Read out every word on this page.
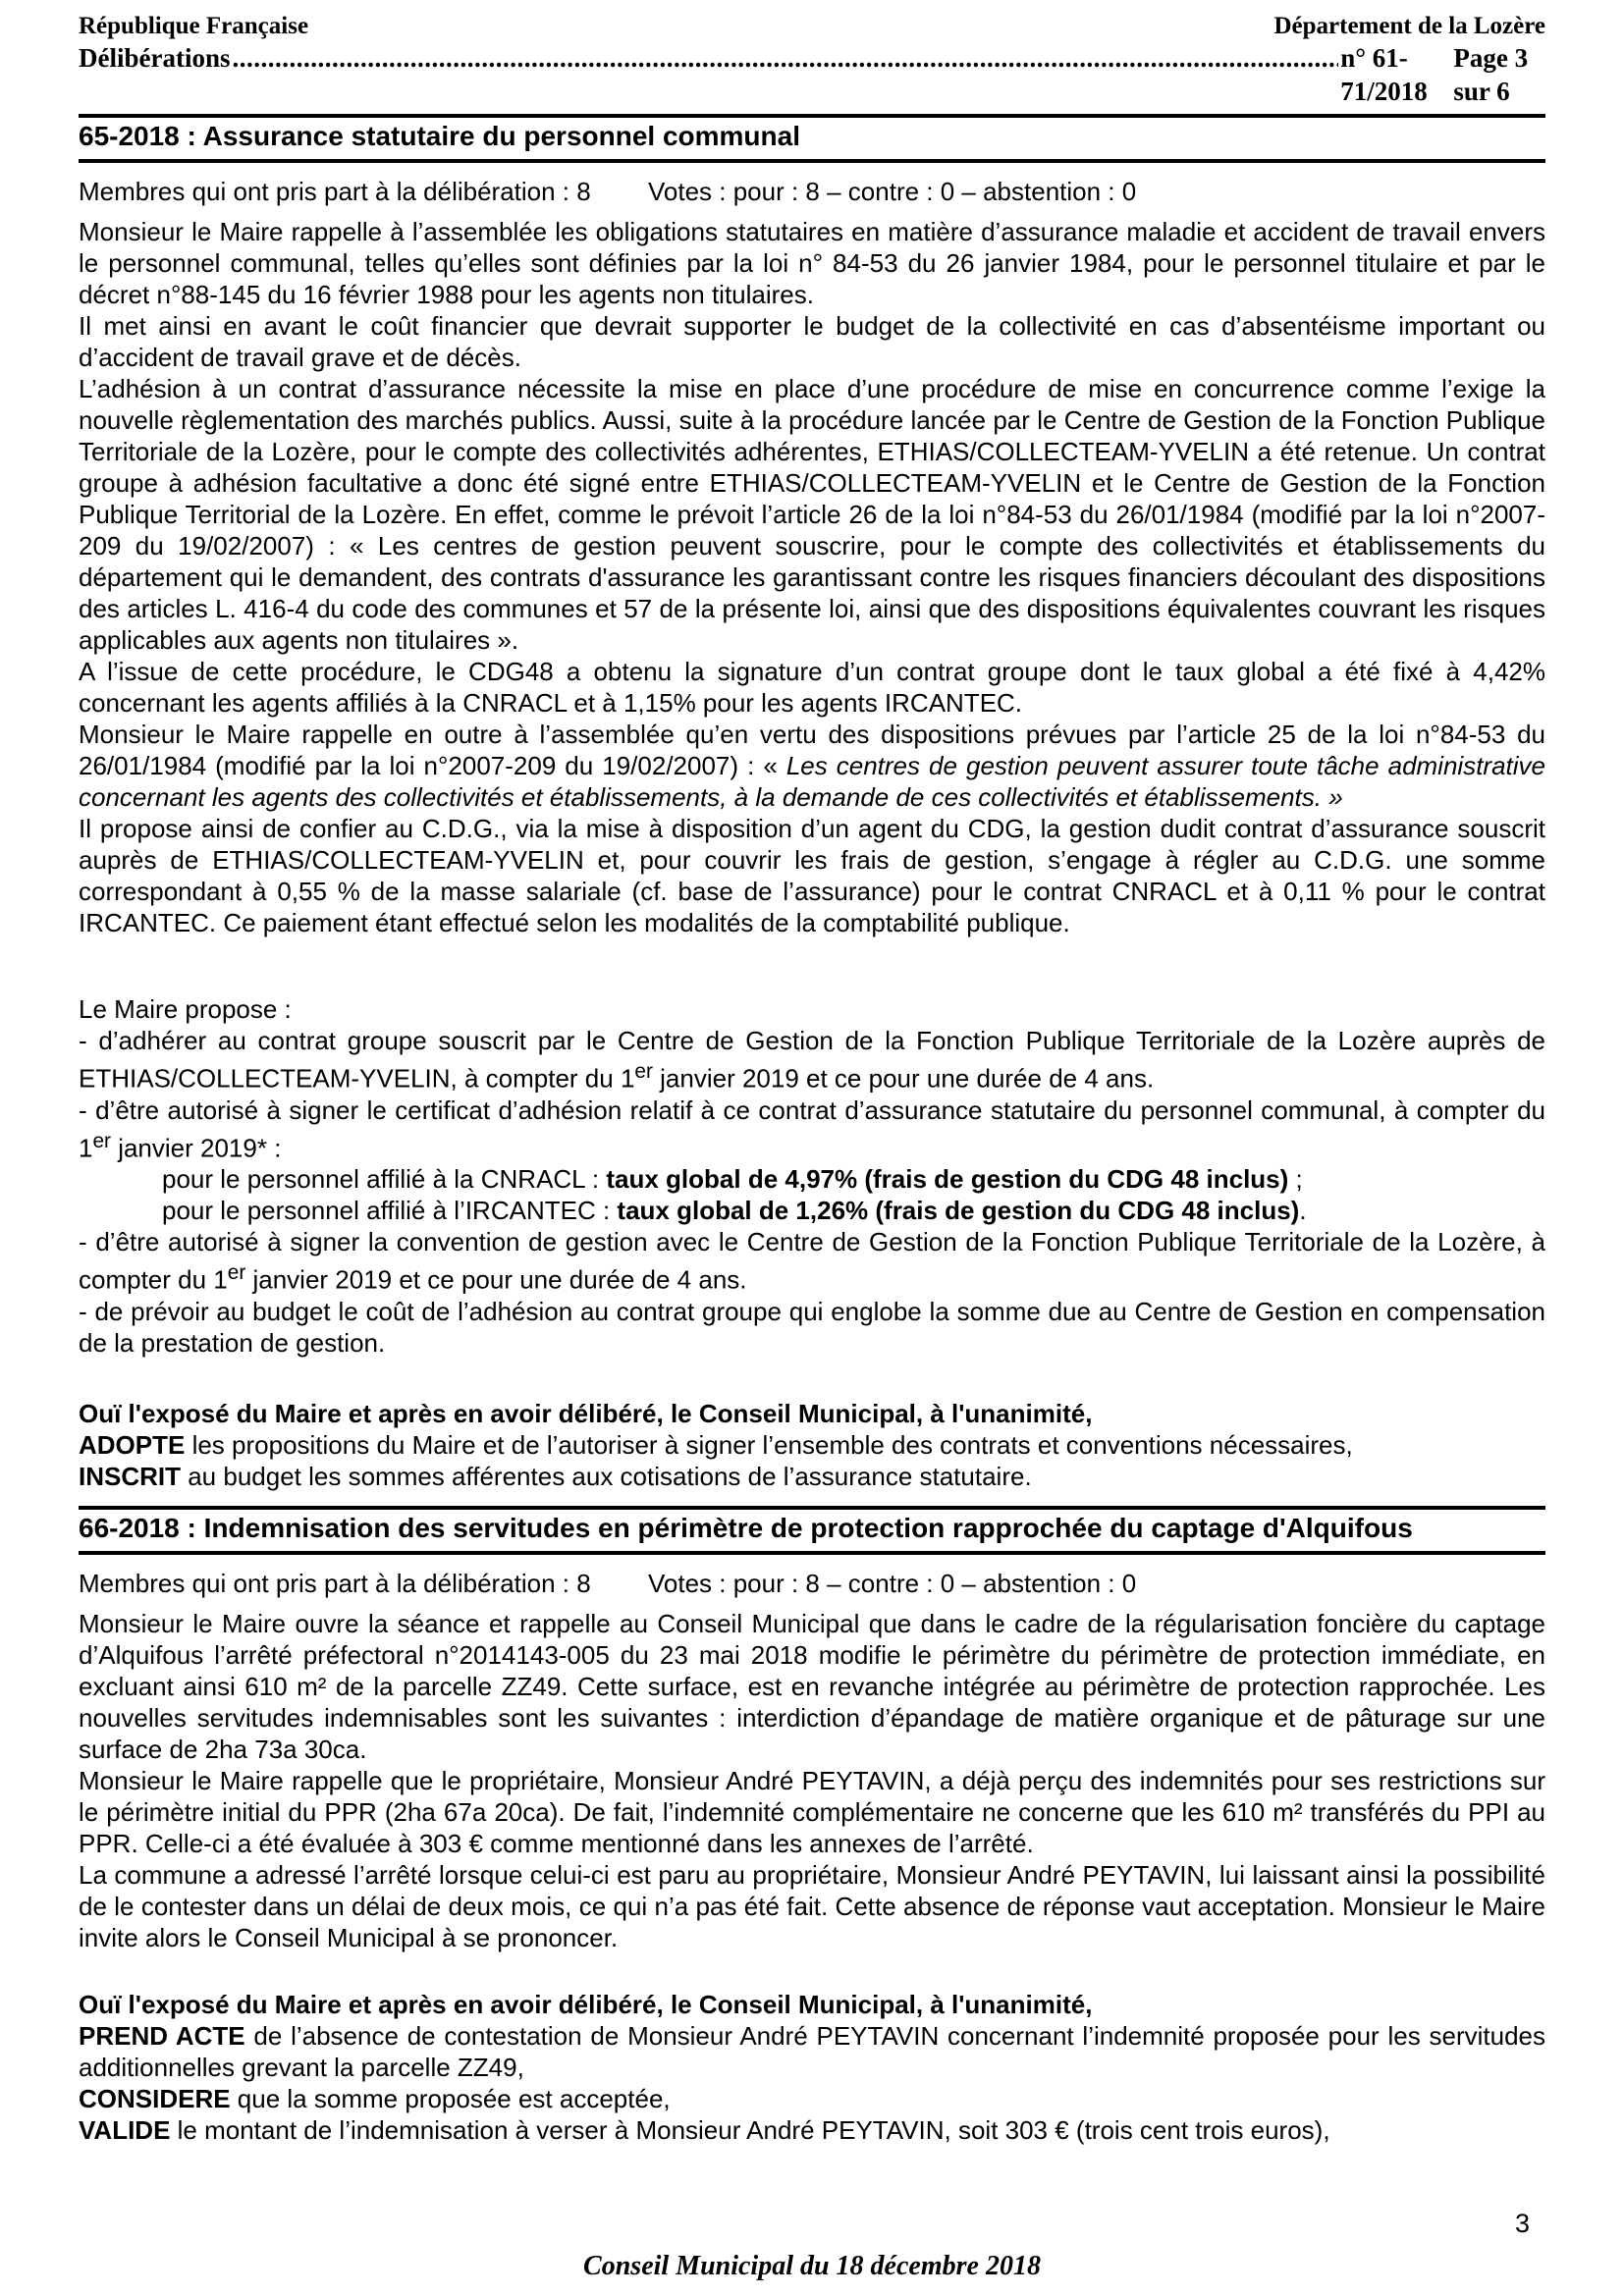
République Française	Département de la Lozère
Délibérations .....	n° 61-71/2018
Page 3 sur 6
65-2018 : Assurance statutaire du personnel communal
Membres qui ont pris part à la délibération : 8	Votes : pour : 8 – contre : 0 – abstention : 0
Monsieur le Maire rappelle à l’assemblée les obligations statutaires en matière d’assurance maladie et accident de travail envers le personnel communal, telles qu’elles sont définies par la loi n° 84-53 du 26 janvier 1984, pour le personnel titulaire et par le décret n°88-145 du 16 février 1988 pour les agents non titulaires.
Il met ainsi en avant le coût financier que devrait supporter le budget de la collectivité en cas d’absentéisme important ou d’accident de travail grave et de décès.
L’adhésion à un contrat d’assurance nécessite la mise en place d’une procédure de mise en concurrence comme l’exige la nouvelle règlementation des marchés publics. Aussi, suite à la procédure lancée par le Centre de Gestion de la Fonction Publique Territoriale de la Lozère, pour le compte des collectivités adhérentes, ETHIAS/COLLECTEAM-YVELIN a été retenue. Un contrat groupe à adhésion facultative a donc été signé entre ETHIAS/COLLECTEAM-YVELIN et le Centre de Gestion de la Fonction Publique Territorial de la Lozère. En effet, comme le prévoit l’article 26 de la loi n°84-53 du 26/01/1984 (modifié par la loi n°2007-209 du 19/02/2007) : « Les centres de gestion peuvent souscrire, pour le compte des collectivités et établissements du département qui le demandent, des contrats d'assurance les garantissant contre les risques financiers découlant des dispositions des articles L. 416-4 du code des communes et 57 de la présente loi, ainsi que des dispositions équivalentes couvrant les risques applicables aux agents non titulaires ».
A l’issue de cette procédure, le CDG48 a obtenu la signature d’un contrat groupe dont le taux global a été fixé à 4,42% concernant les agents affiliés à la CNRACL et à 1,15% pour les agents IRCANTEC.
Monsieur le Maire rappelle en outre à l’assemblée qu’en vertu des dispositions prévues par l’article 25 de la loi n°84-53 du 26/01/1984 (modifié par la loi n°2007-209 du 19/02/2007) : « Les centres de gestion peuvent assurer toute tâche administrative concernant les agents des collectivités et établissements, à la demande de ces collectivités et établissements. »
Il propose ainsi de confier au C.D.G., via la mise à disposition d’un agent du CDG, la gestion dudit contrat d’assurance souscrit auprès de ETHIAS/COLLECTEAM-YVELIN et, pour couvrir les frais de gestion, s’engage à régler au C.D.G. une somme correspondant à 0,55 % de la masse salariale (cf. base de l’assurance) pour le contrat CNRACL et à 0,11 % pour le contrat IRCANTEC. Ce paiement étant effectué selon les modalités de la comptabilité publique.
Le Maire propose :
- d’adhérer au contrat groupe souscrit par le Centre de Gestion de la Fonction Publique Territoriale de la Lozère auprès de ETHIAS/COLLECTEAM-YVELIN, à compter du 1er janvier 2019 et ce pour une durée de 4 ans.
- d’être autorisé à signer le certificat d’adhésion relatif à ce contrat d’assurance statutaire du personnel communal, à compter du 1er janvier 2019* :
pour le personnel affilié à la CNRACL : taux global de 4,97% (frais de gestion du CDG 48 inclus) ;
pour le personnel affilié à l’IRCANTEC : taux global de 1,26% (frais de gestion du CDG 48 inclus).
- d’être autorisé à signer la convention de gestion avec le Centre de Gestion de la Fonction Publique Territoriale de la Lozère, à compter du 1er janvier 2019 et ce pour une durée de 4 ans.
- de prévoir au budget le coût de l’adhésion au contrat groupe qui englobe la somme due au Centre de Gestion en compensation de la prestation de gestion.
Ouï l'exposé du Maire et après en avoir délibéré, le Conseil Municipal, à l'unanimité,
ADOPTE les propositions du Maire et de l’autoriser à signer l’ensemble des contrats et conventions nécessaires,
INSCRIT au budget les sommes afférentes aux cotisations de l’assurance statutaire.
66-2018 : Indemnisation des servitudes en périmètre de protection rapprochée du captage d'Alquifous
Membres qui ont pris part à la délibération : 8	Votes : pour : 8 – contre : 0 – abstention : 0
Monsieur le Maire ouvre la séance et rappelle au Conseil Municipal que dans le cadre de la régularisation foncière du captage d’Alquifous l’arrêté préfectoral n°2014143-005 du 23 mai 2018 modifie le périmètre du périmètre de protection immédiate, en excluant ainsi 610 m² de la parcelle ZZ49. Cette surface, est en revanche intégrée au périmètre de protection rapprochée. Les nouvelles servitudes indemnisables sont les suivantes : interdiction d’épandage de matière organique et de pâturage sur une surface de 2ha 73a 30ca.
Monsieur le Maire rappelle que le propriétaire, Monsieur André PEYTAVIN, a déjà perçu des indemnités pour ses restrictions sur le périmètre initial du PPR (2ha 67a 20ca). De fait, l’indemnité complémentaire ne concerne que les 610 m² transférés du PPI au PPR. Celle-ci a été évaluée à 303 € comme mentionné dans les annexes de l’arrêté.
La commune a adressé l’arrêté lorsque celui-ci est paru au propriétaire, Monsieur André PEYTAVIN, lui laissant ainsi la possibilité de le contester dans un délai de deux mois, ce qui n’a pas été fait. Cette absence de réponse vaut acceptation. Monsieur le Maire invite alors le Conseil Municipal à se prononcer.
Ouï l'exposé du Maire et après en avoir délibéré, le Conseil Municipal, à l'unanimité,
PREND ACTE de l’absence de contestation de Monsieur André PEYTAVIN concernant l’indemnité proposée pour les servitudes additionnelles grevant la parcelle ZZ49,
CONSIDERE que la somme proposée est acceptée,
VALIDE le montant de l’indemnisation à verser à Monsieur André PEYTAVIN, soit 303 € (trois cent trois euros),
3
Conseil Municipal du 18 décembre 2018
